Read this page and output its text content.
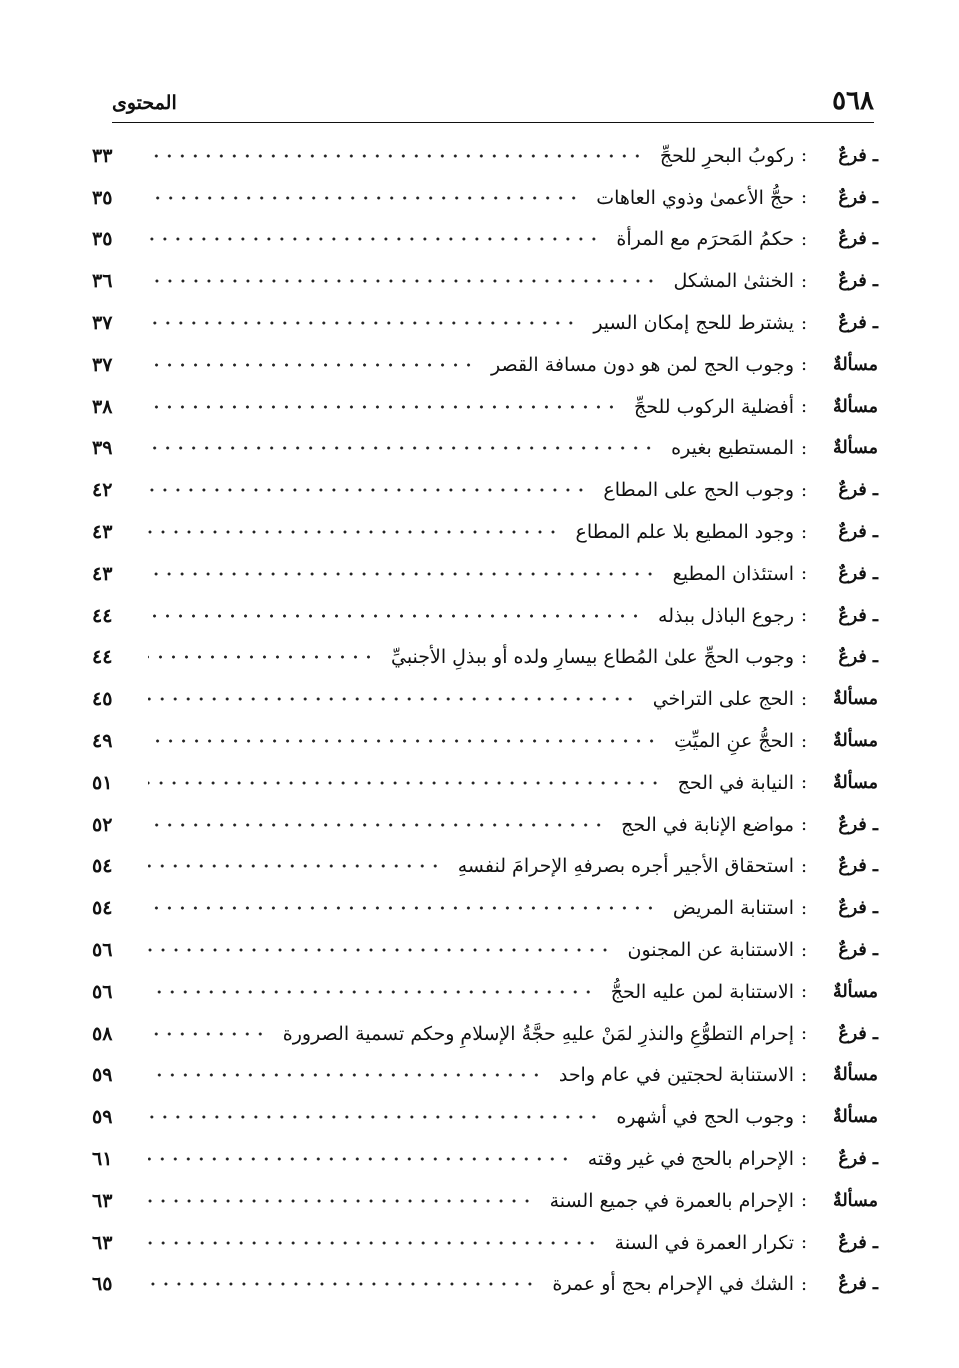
٥٦٨
المحتوى
ـ فرعٌ
:
ركوبُ البحرِ للحجِّ
٣٣
ـ فرعٌ
:
حجُّ الأعمىٰ وذوي العاهات
٣٥
ـ فرعٌ
:
حكمُ المَحرَم مع المرأة
٣٥
ـ فرعٌ
:
الخنثىٰ المشكل
٣٦
ـ فرعٌ
:
يشترط للحج إمكان السير
٣٧
مسألةٌ
:
وجوب الحج لمن هو دون مسافة القصر
٣٧
مسألةٌ
:
أفضلية الركوب للحجِّ
٣٨
مسألةٌ
:
المستطيع بغيره
٣٩
ـ فرعٌ
:
وجوب الحج على المطاع
٤٢
ـ فرعٌ
:
وجود المطيع بلا علم المطاع
٤٣
ـ فرعٌ
:
استئذان المطيع
٤٣
ـ فرعٌ
:
رجوع الباذل ببذله
٤٤
ـ فرعٌ
:
وجوب الحجِّ علىٰ المُطاع بيسارِ ولده أو ببذلِ الأجنبيِّ
٤٤
مسألةٌ
:
الحج على التراخي
٤٥
مسألةٌ
:
الحجُّ عنِ الميِّتِ
٤٩
مسألةٌ
:
النيابة في الحج
٥١
ـ فرعٌ
:
مواضع الإنابة في الحج
٥٢
ـ فرعٌ
:
استحقاق الأجير أجره بصرفهِ الإحرامَ لنفسهِ
٥٤
ـ فرعٌ
:
استنابة المريض
٥٤
ـ فرعٌ
:
الاستنابة عن المجنون
٥٦
مسألةٌ
:
الاستنابة لمن عليه الحجُّ
٥٦
ـ فرعٌ
:
إحرام التطوُّعِ والنذرِ لمَنْ عليهِ حجَّةُ الإسلامِ وحكم تسمية الصرورة
٥٨
مسألةٌ
:
الاستنابة لحجتين في عام واحد
٥٩
مسألةٌ
:
وجوب الحج في أشهره
٥٩
ـ فرعٌ
:
الإحرام بالحج في غير وقته
٦١
مسألةٌ
:
الإحرام بالعمرة في جميع السنة
٦٣
ـ فرعٌ
:
تكرار العمرة في السنة
٦٣
ـ فرعٌ
:
الشك في الإحرام بحج أو عمرة
٦٥
